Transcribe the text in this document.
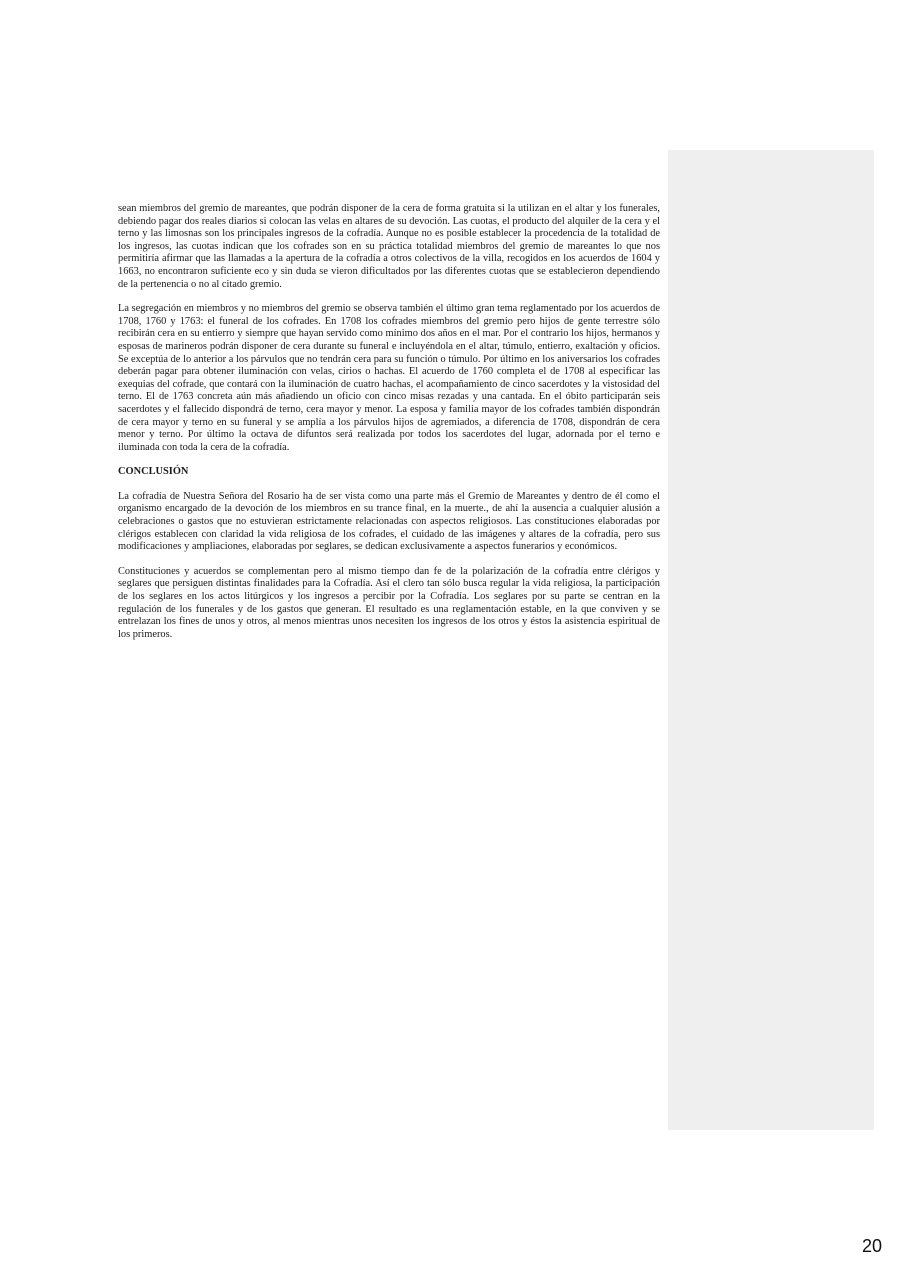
sean miembros del gremio de mareantes, que podrán disponer de la cera de forma gratuita si la utilizan en el altar y los funerales, debiendo pagar dos reales diarios si colocan las velas en altares de su devoción. Las cuotas, el producto del alquiler de la cera y el terno y las limosnas son los principales ingresos de la cofradía. Aunque no es posible establecer la procedencia de la totalidad de los ingresos, las cuotas indican que los cofrades son en su práctica totalidad miembros del gremio de mareantes lo que nos permitiría afirmar que las llamadas a la apertura de la cofradía a otros colectivos de la villa, recogidos en los acuerdos de 1604 y 1663, no encontraron suficiente eco y sin duda se vieron dificultados por las diferentes cuotas que se establecieron dependiendo de la pertenencia o no al citado gremio.

La segregación en miembros y no miembros del gremio se observa también el último gran tema reglamentado por los acuerdos de 1708, 1760 y 1763: el funeral de los cofrades. En 1708 los cofrades miembros del gremio pero hijos de gente terrestre sólo recibirán cera en su entierro y siempre que hayan servido como mínimo dos años en el mar. Por el contrario los hijos, hermanos y esposas de marineros podrán disponer de cera durante su funeral e incluyéndola en el altar, túmulo, entierro, exaltación y oficios. Se exceptúa de lo anterior a los párvulos que no tendrán cera para su función o túmulo. Por último en los aniversarios los cofrades deberán pagar para obtener iluminación con velas, cirios o hachas. El acuerdo de 1760 completa el de 1708 al especificar las exequias del cofrade, que contará con la iluminación de cuatro hachas, el acompañamiento de cinco sacerdotes y la vistosidad del terno. El de 1763 concreta aún más añadiendo un oficio con cinco misas rezadas y una cantada. En el óbito participarán seis sacerdotes y el fallecido dispondrá de terno, cera mayor y menor. La esposa y familia mayor de los cofrades también dispondrán de cera mayor y terno en su funeral y se amplía a los párvulos hijos de agremiados, a diferencia de 1708, dispondrán de cera menor y terno. Por último la octava de difuntos será realizada por todos los sacerdotes del lugar, adornada por el terno e iluminada con toda la cera de la cofradía.

CONCLUSIÓN

La cofradía de Nuestra Señora del Rosario ha de ser vista como una parte más el Gremio de Mareantes y dentro de él como el organismo encargado de la devoción de los miembros en su trance final, en la muerte., de ahí la ausencia a cualquier alusión a celebraciones o gastos que no estuvieran estrictamente relacionadas con aspectos religiosos. Las constituciones elaboradas por clérigos establecen con claridad la vida religiosa de los cofrades, el cuidado de las imágenes y altares de la cofradía, pero sus modificaciones y ampliaciones, elaboradas por seglares, se dedican exclusivamente a aspectos funerarios y económicos.

Constituciones y acuerdos se complementan pero al mismo tiempo dan fe de la polarización de la cofradía entre clérigos y seglares que persiguen distintas finalidades para la Cofradía. Así el clero tan sólo busca regular la vida religiosa, la participación de los seglares en los actos litúrgicos y los ingresos a percibir por la Cofradía. Los seglares por su parte se centran en la regulación de los funerales y de los gastos que generan. El resultado es una reglamentación estable, en la que conviven y se entrelazan los fines de unos y otros, al menos mientras unos necesiten los ingresos de los otros y éstos la asistencia espiritual de los primeros.

20
